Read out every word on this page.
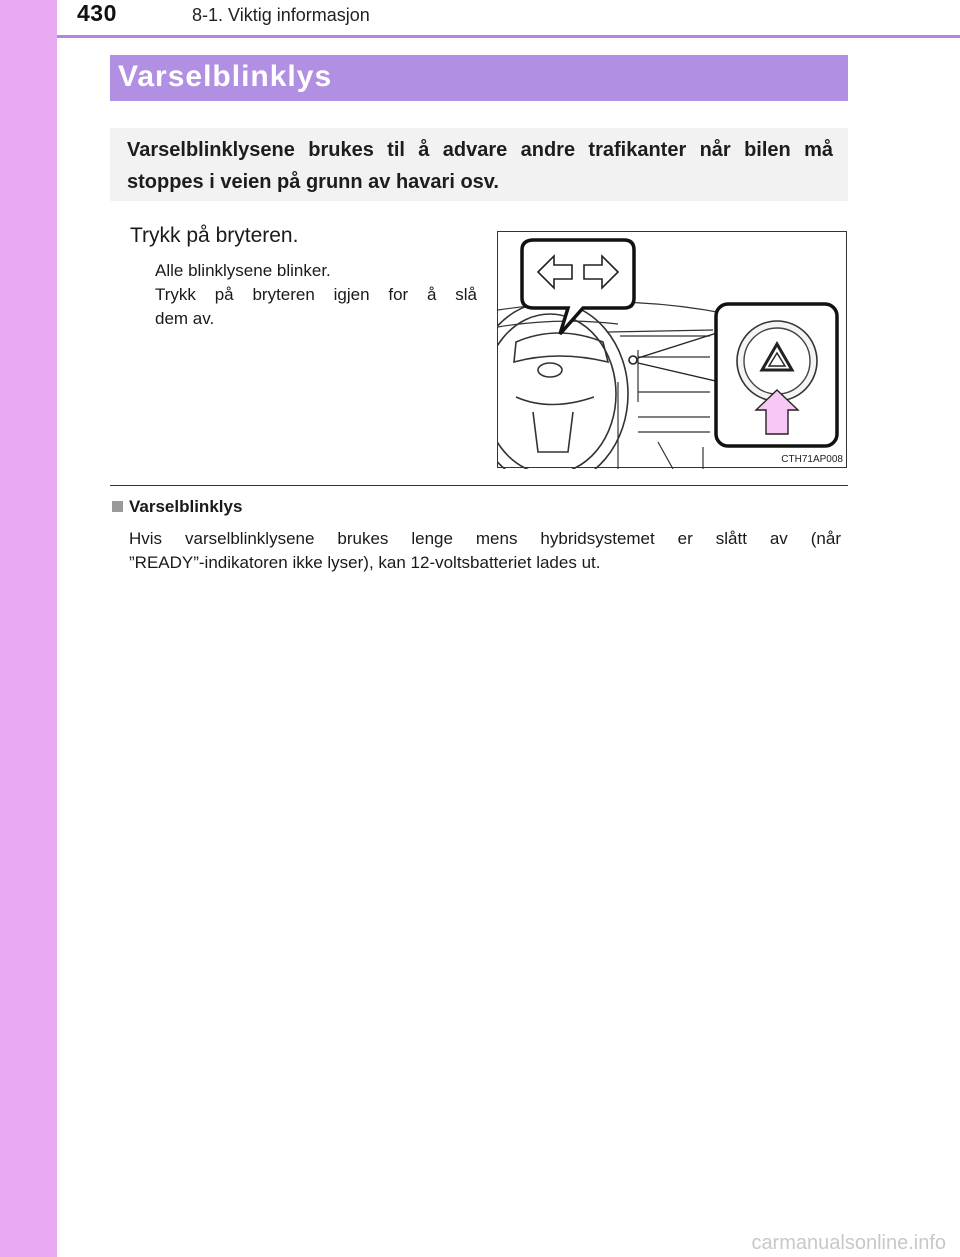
430	8-1. Viktig informasjon
Varselblinklys
Varselblinklysene brukes til å advare andre trafikanter når bilen må stoppes i veien på grunn av havari osv.
Trykk på bryteren.
Alle blinklysene blinker.
Trykk på bryteren igjen for å slå
dem av.
CTH71AP008
Varselblinklys
Hvis varselblinklysene brukes lenge mens hybridsystemet er slått av (når
”READY”-indikatoren ikke lyser), kan 12-voltsbatteriet lades ut.
carmanualsonline.info
